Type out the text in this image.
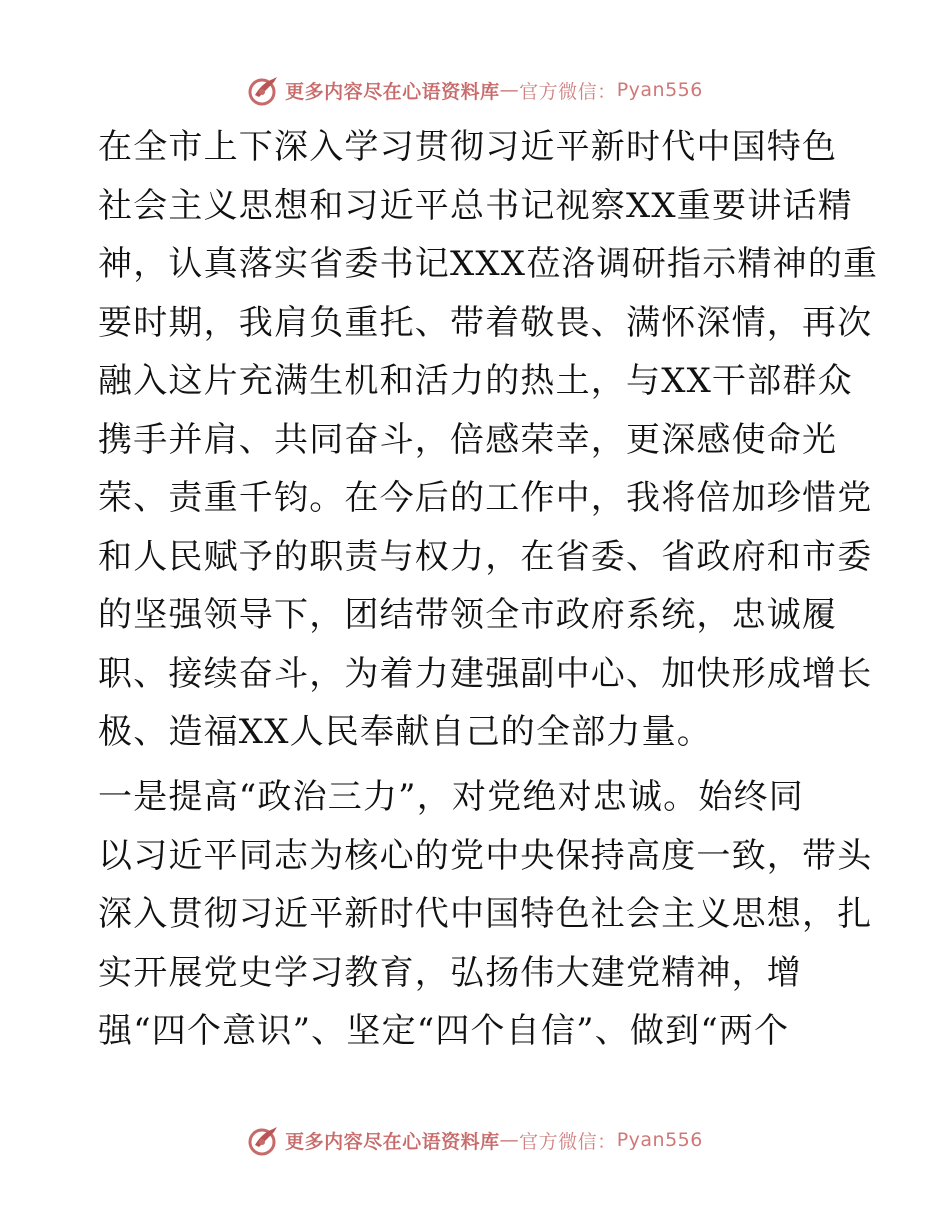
更多内容尽在心语资料库 — 官方微信： Pyan556
在全市上下深入学习贯彻习近平新时代中国特色
社会主义思想和习近平总书记视察XX重要讲话精
神，认真落实省委书记XXX莅洛调研指示精神的重
要时期，我肩负重托、带着敬畏、满怀深情，再次
融入这片充满生机和活力的热土，与XX干部群众
携手并肩、共同奋斗，倍感荣幸，更深感使命光
荣、责重千钧。在今后的工作中，我将倍加珍惜党
和人民赋予的职责与权力，在省委、省政府和市委
的坚强领导下，团结带领全市政府系统，忠诚履
职、接续奋斗，为着力建强副中心、加快形成增长
极、造福XX人民奉献自己的全部力量。
一是提高“政治三力”，对党绝对忠诚。始终同
以习近平同志为核心的党中央保持高度一致，带头
深入贯彻习近平新时代中国特色社会主义思想，扎
实开展党史学习教育，弘扬伟大建党精神，增
强“四个意识”、坚定“四个自信”、做到“两个
更多内容尽在心语资料库 — 官方微信： Pyan556
